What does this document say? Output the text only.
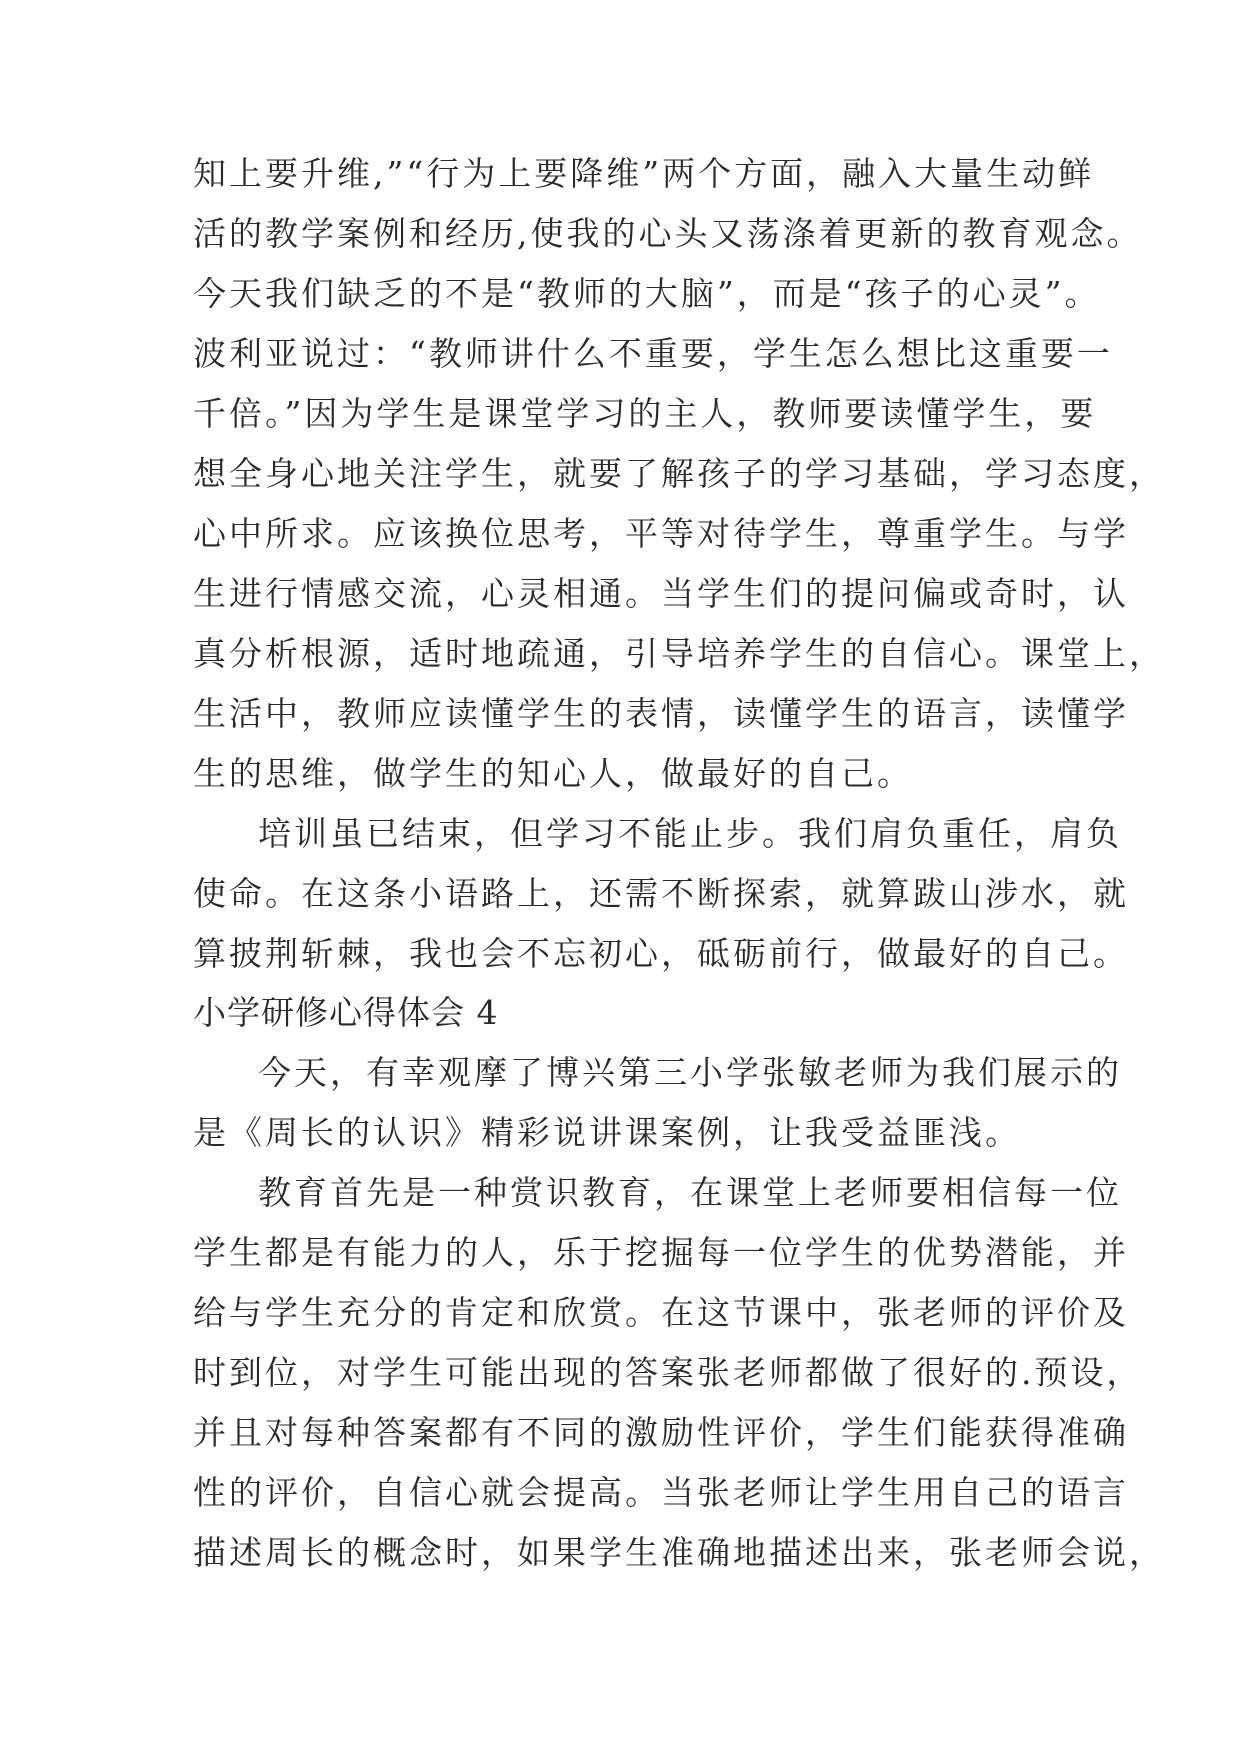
知上要升维,”“行为上要降维”两个方面，融入大量生动鲜
活的教学案例和经历,使我的心头又荡涤着更新的教育观念。
今天我们缺乏的不是“教师的大脑”，而是“孩子的心灵”。
波利亚说过：“教师讲什么不重要，学生怎么想比这重要一
千倍。”因为学生是课堂学习的主人，教师要读懂学生，要
想全身心地关注学生，就要了解孩子的学习基础，学习态度，
心中所求。应该换位思考，平等对待学生，尊重学生。与学
生进行情感交流，心灵相通。当学生们的提问偏或奇时，认
真分析根源，适时地疏通，引导培养学生的自信心。课堂上，
生活中，教师应读懂学生的表情，读懂学生的语言，读懂学
生的思维，做学生的知心人，做最好的自己。
培训虽已结束，但学习不能止步。我们肩负重任，肩负
使命。在这条小语路上，还需不断探索，就算跋山涉水，就
算披荆斩棘，我也会不忘初心，砥砺前行，做最好的自己。
小学研修心得体会 4
今天，有幸观摩了博兴第三小学张敏老师为我们展示的
是《周长的认识》精彩说讲课案例，让我受益匪浅。
教育首先是一种赏识教育，在课堂上老师要相信每一位
学生都是有能力的人，乐于挖掘每一位学生的优势潜能，并
给与学生充分的肯定和欣赏。在这节课中，张老师的评价及
时到位，对学生可能出现的答案张老师都做了很好的.预设，
并且对每种答案都有不同的激励性评价，学生们能获得准确
性的评价，自信心就会提高。当张老师让学生用自己的语言
描述周长的概念时，如果学生准确地描述出来，张老师会说，
